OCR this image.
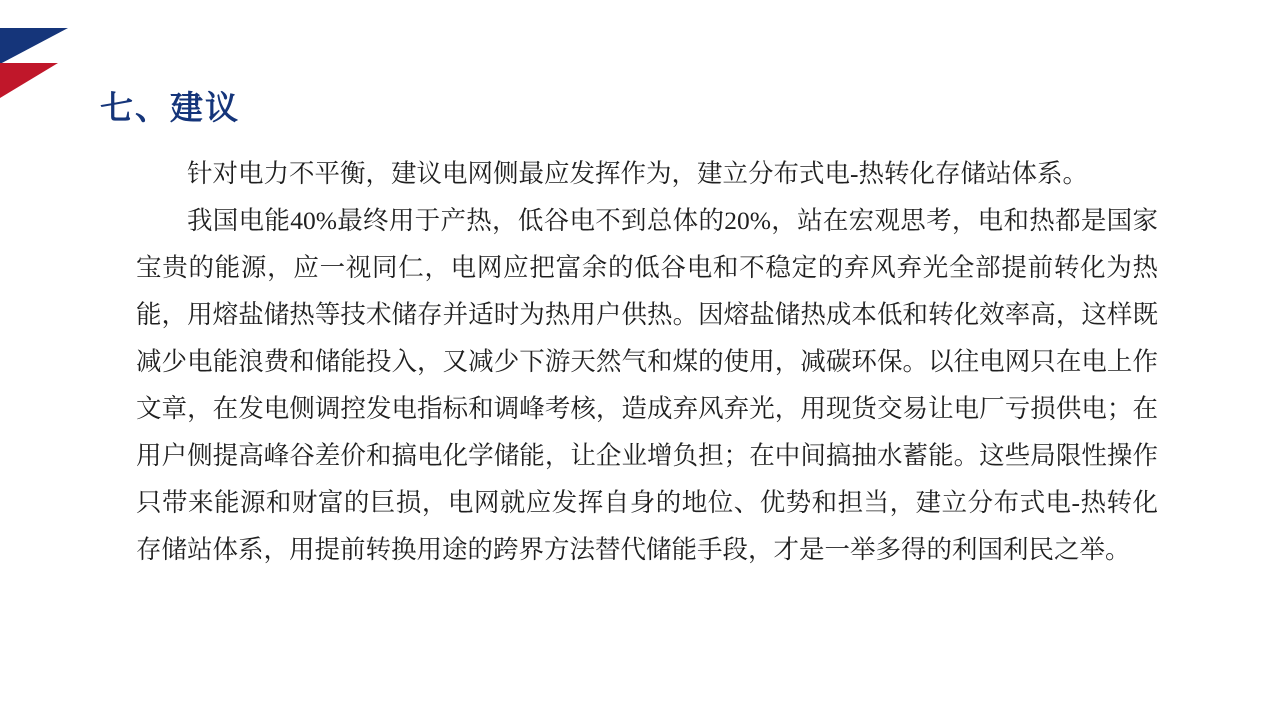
七、建议

针对电力不平衡，建议电网侧最应发挥作为，建立分布式电-热转化存储站体系。

我国电能40%最终用于产热，低谷电不到总体的20%，站在宏观思考，电和热都是国家宝贵的能源，应一视同仁，电网应把富余的低谷电和不稳定的弃风弃光全部提前转化为热能，用熔盐储热等技术储存并适时为热用户供热。因熔盐储热成本低和转化效率高，这样既减少电能浪费和储能投入，又减少下游天然气和煤的使用，减碳环保。以往电网只在电上作文章，在发电侧调控发电指标和调峰考核，造成弃风弃光，用现货交易让电厂亏损供电；在用户侧提高峰谷差价和搞电化学储能，让企业增负担；在中间搞抽水蓄能。这些局限性操作只带来能源和财富的巨损，电网就应发挥自身的地位、优势和担当，建立分布式电-热转化存储站体系，用提前转换用途的跨界方法替代储能手段，才是一举多得的利国利民之举。
